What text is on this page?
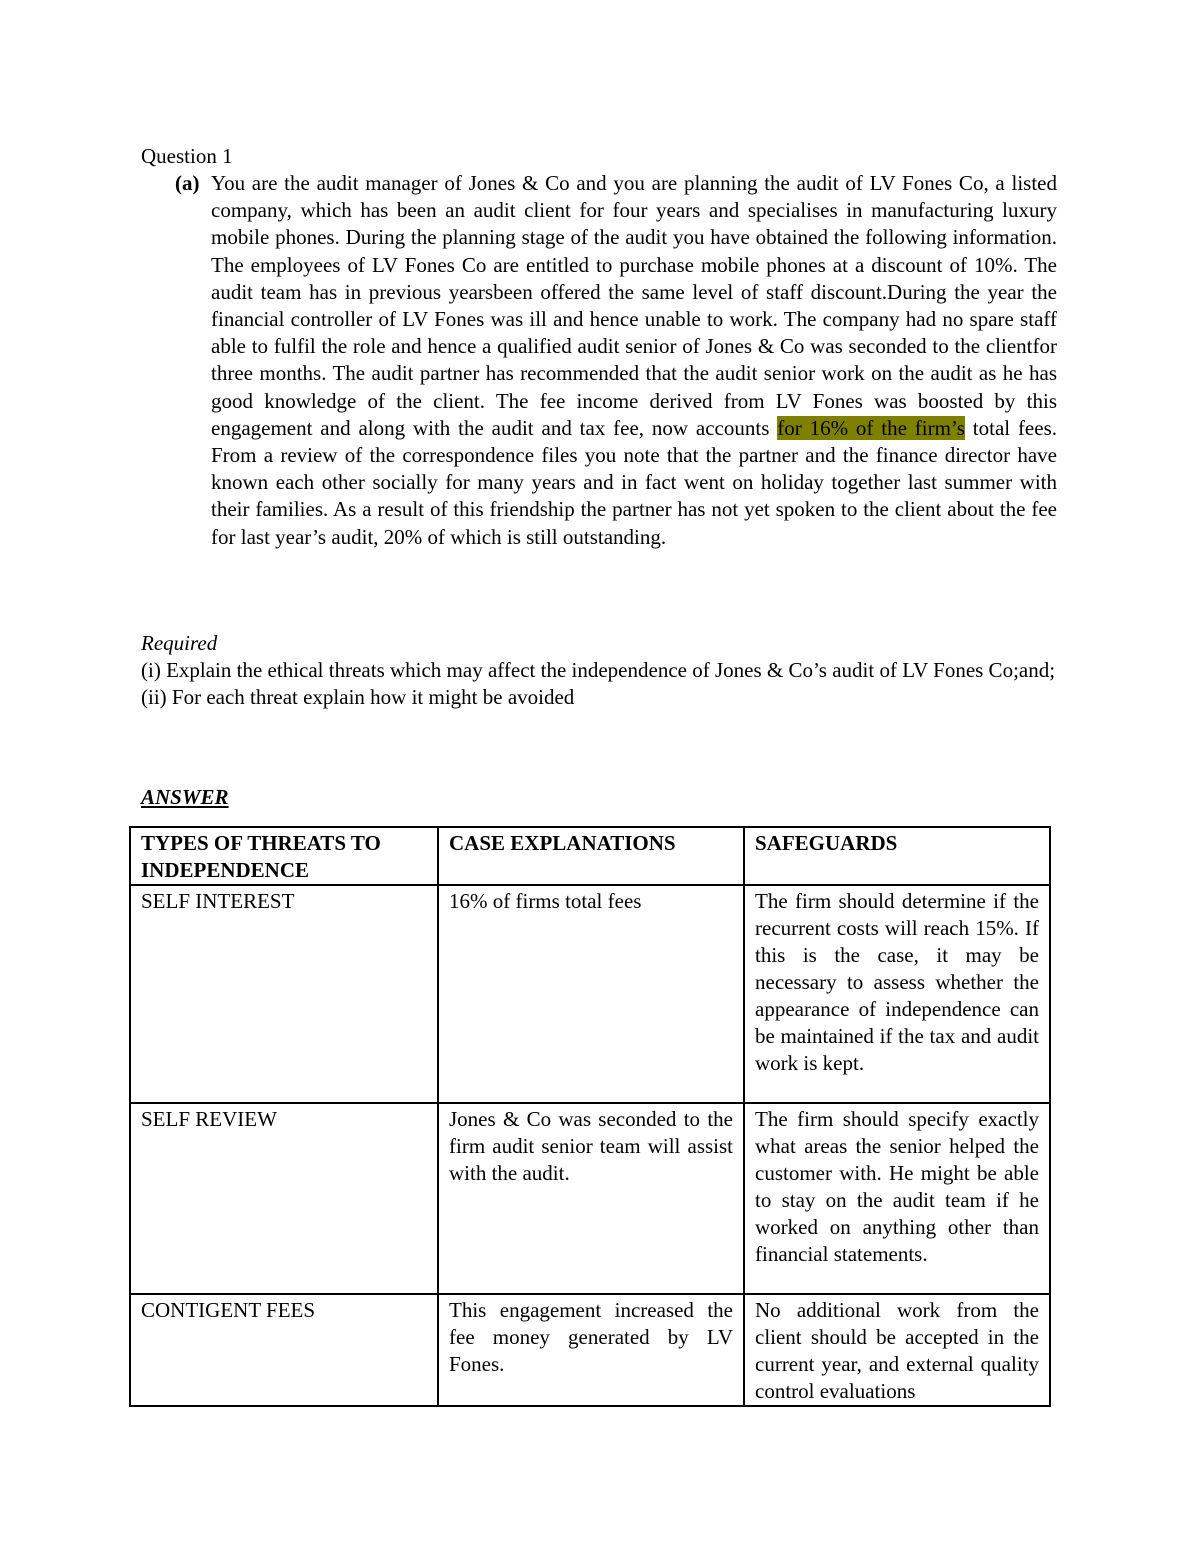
Question 1
(a) You are the audit manager of Jones & Co and you are planning the audit of LV Fones Co, a listed company, which has been an audit client for four years and specialises in manufacturing luxury mobile phones. During the planning stage of the audit you have obtained the following information. The employees of LV Fones Co are entitled to purchase mobile phones at a discount of 10%. The audit team has in previous yearsbeen offered the same level of staff discount.During the year the financial controller of LV Fones was ill and hence unable to work. The company had no spare staff able to fulfil the role and hence a qualified audit senior of Jones & Co was seconded to the clientfor three months. The audit partner has recommended that the audit senior work on the audit as he has good knowledge of the client. The fee income derived from LV Fones was boosted by this engagement and along with the audit and tax fee, now accounts for 16% of the firm’s total fees. From a review of the correspondence files you note that the partner and the finance director have known each other socially for many years and in fact went on holiday together last summer with their families. As a result of this friendship the partner has not yet spoken to the client about the fee for last year’s audit, 20% of which is still outstanding.
Required
(i) Explain the ethical threats which may affect the independence of Jones & Co’s audit of LV Fones Co;and;
(ii) For each threat explain how it might be avoided
ANSWER
TYPES OF THREATS TO INDEPENDENCE	CASE EXPLANATIONS	SAFEGUARDS
SELF INTEREST	16% of firms total fees	The firm should determine if the recurrent costs will reach 15%. If this is the case, it may be necessary to assess whether the appearance of independence can be maintained if the tax and audit work is kept.
SELF REVIEW	Jones & Co was seconded to the firm audit senior team will assist with the audit.	The firm should specify exactly what areas the senior helped the customer with. He might be able to stay on the audit team if he worked on anything other than financial statements.
CONTIGENT FEES	This engagement increased the fee money generated by LV Fones.	No additional work from the client should be accepted in the current year, and external quality control evaluations
